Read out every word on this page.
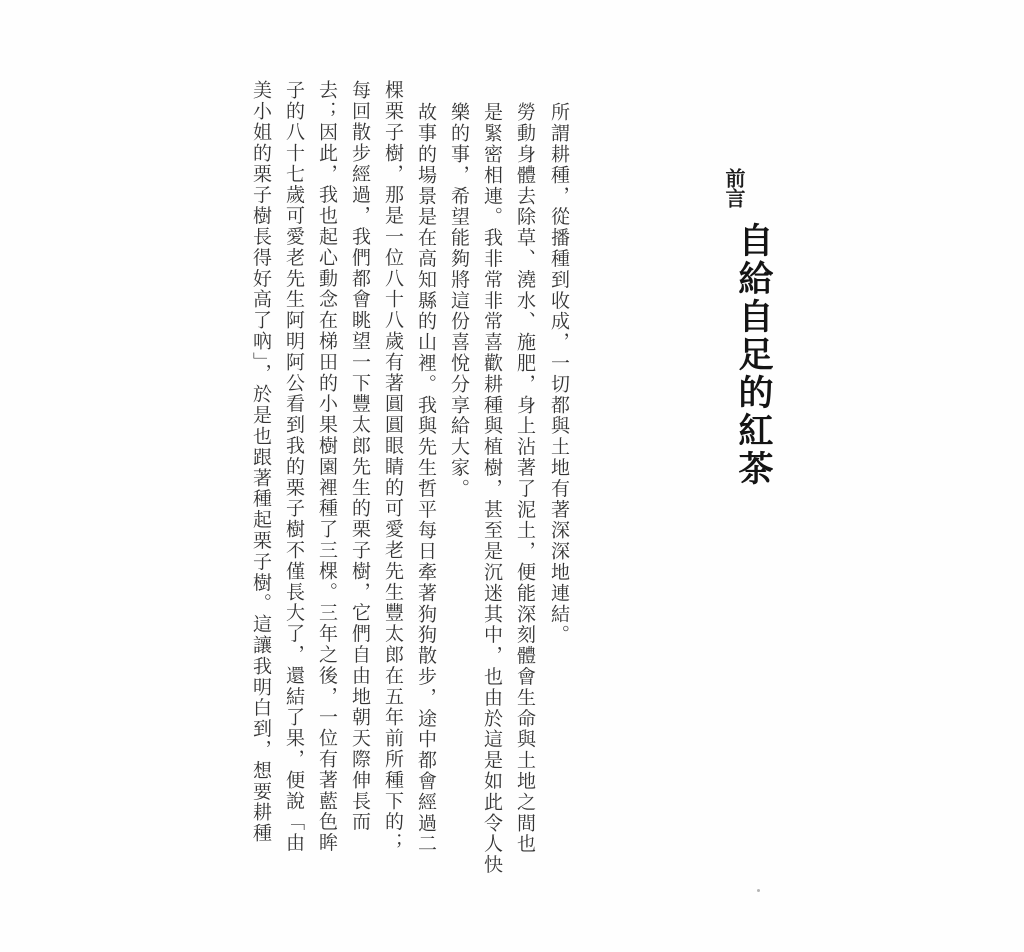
前言
自給自足的紅茶
所謂耕種，從播種到收成，一切都與土地有著深深地連結。
勞動身體去除草、澆水、施肥，身上沾著了泥土，便能深刻體會生命與土地之間也
是緊密相連。我非常非常喜歡耕種與植樹，甚至是沉迷其中，也由於這是如此令人快
樂的事，希望能夠將這份喜悅分享給大家。
故事的場景是在高知縣的山裡。我與先生哲平每日牽著狗狗散步，途中都會經過二
棵栗子樹，那是一位八十八歲有著圓圓眼睛的可愛老先生豐太郎在五年前所種下的；
每回散步經過，我們都會眺望一下豐太郎先生的栗子樹，它們自由地朝天際伸長而
去；因此，我也起心動念在梯田的小果樹園裡種了三棵。三年之後，一位有著藍色眸
子的八十七歲可愛老先生阿明阿公看到我的栗子樹不僅長大了，還結了果，便說「由
美小姐的栗子樹長得好高了吶」，於是也跟著種起栗子樹。這讓我明白到，想要耕種
